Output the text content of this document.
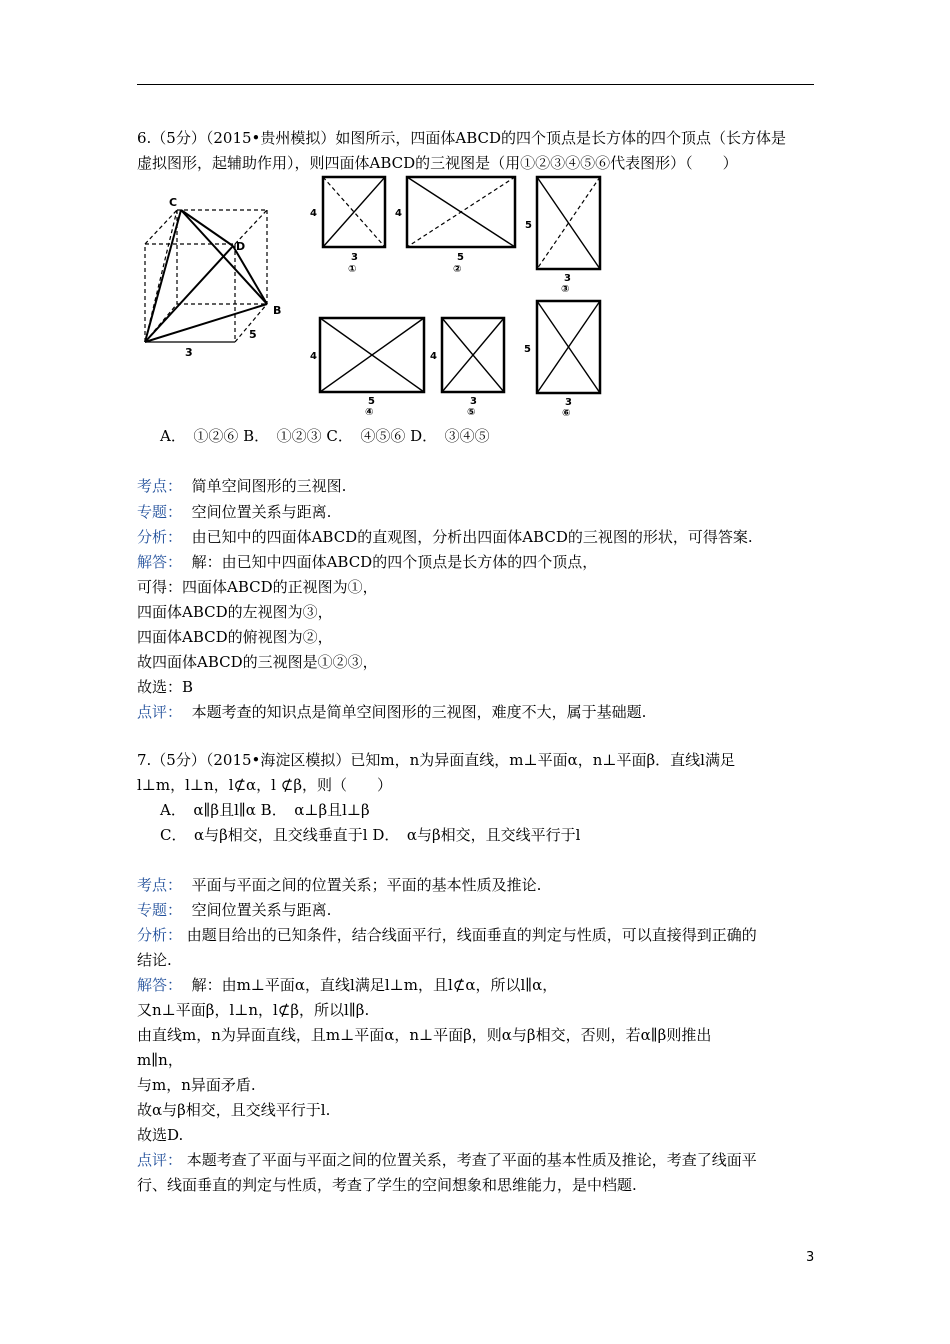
6.（5分）（2015•贵州模拟）如图所示，四面体ABCD的四个顶点是长方体的四个顶点（长方体是
虚拟图形，起辅助作用），则四面体ABCD的三视图是（用①②③④⑤⑥代表图形）（　　）
C
D
B
3
5
4
3
①
4
5
②
5
3
③
4
5
④
4
3
⑤
5
3
⑥
A．　①②⑥ B．　①②③ C．　④⑤⑥ D．　③④⑤
考点： 简单空间图形的三视图.
专题： 空间位置关系与距离.
分析： 由已知中的四面体ABCD的直观图，分析出四面体ABCD的三视图的形状，可得答案.
解答： 解：由已知中四面体ABCD的四个顶点是长方体的四个顶点，
可得：四面体ABCD的正视图为①，
四面体ABCD的左视图为③，
四面体ABCD的俯视图为②，
故四面体ABCD的三视图是①②③，
故选：B
点评： 本题考查的知识点是简单空间图形的三视图，难度不大，属于基础题.
7.（5分）（2015•海淀区模拟）已知m，n为异面直线，m⊥平面α，n⊥平面β．直线l满足
l⊥m，l⊥n，l⊄α，l ⊄β，则（　　）
A．　α∥β且l∥α B．　α⊥β且l⊥β
C．　α与β相交，且交线垂直于l D．　α与β相交，且交线平行于l
考点： 平面与平面之间的位置关系；平面的基本性质及推论.
专题： 空间位置关系与距离.
分析： 由题目给出的已知条件，结合线面平行，线面垂直的判定与性质，可以直接得到正确的
结论.
解答： 解：由m⊥平面α，直线l满足l⊥m，且l⊄α，所以l∥α，
又n⊥平面β，l⊥n，l⊄β，所以l∥β.
由直线m，n为异面直线，且m⊥平面α，n⊥平面β，则α与β相交，否则，若α∥β则推出
m∥n，
与m，n异面矛盾.
故α与β相交，且交线平行于l.
故选D.
点评： 本题考查了平面与平面之间的位置关系，考查了平面的基本性质及推论，考查了线面平
行、线面垂直的判定与性质，考查了学生的空间想象和思维能力，是中档题.
3
